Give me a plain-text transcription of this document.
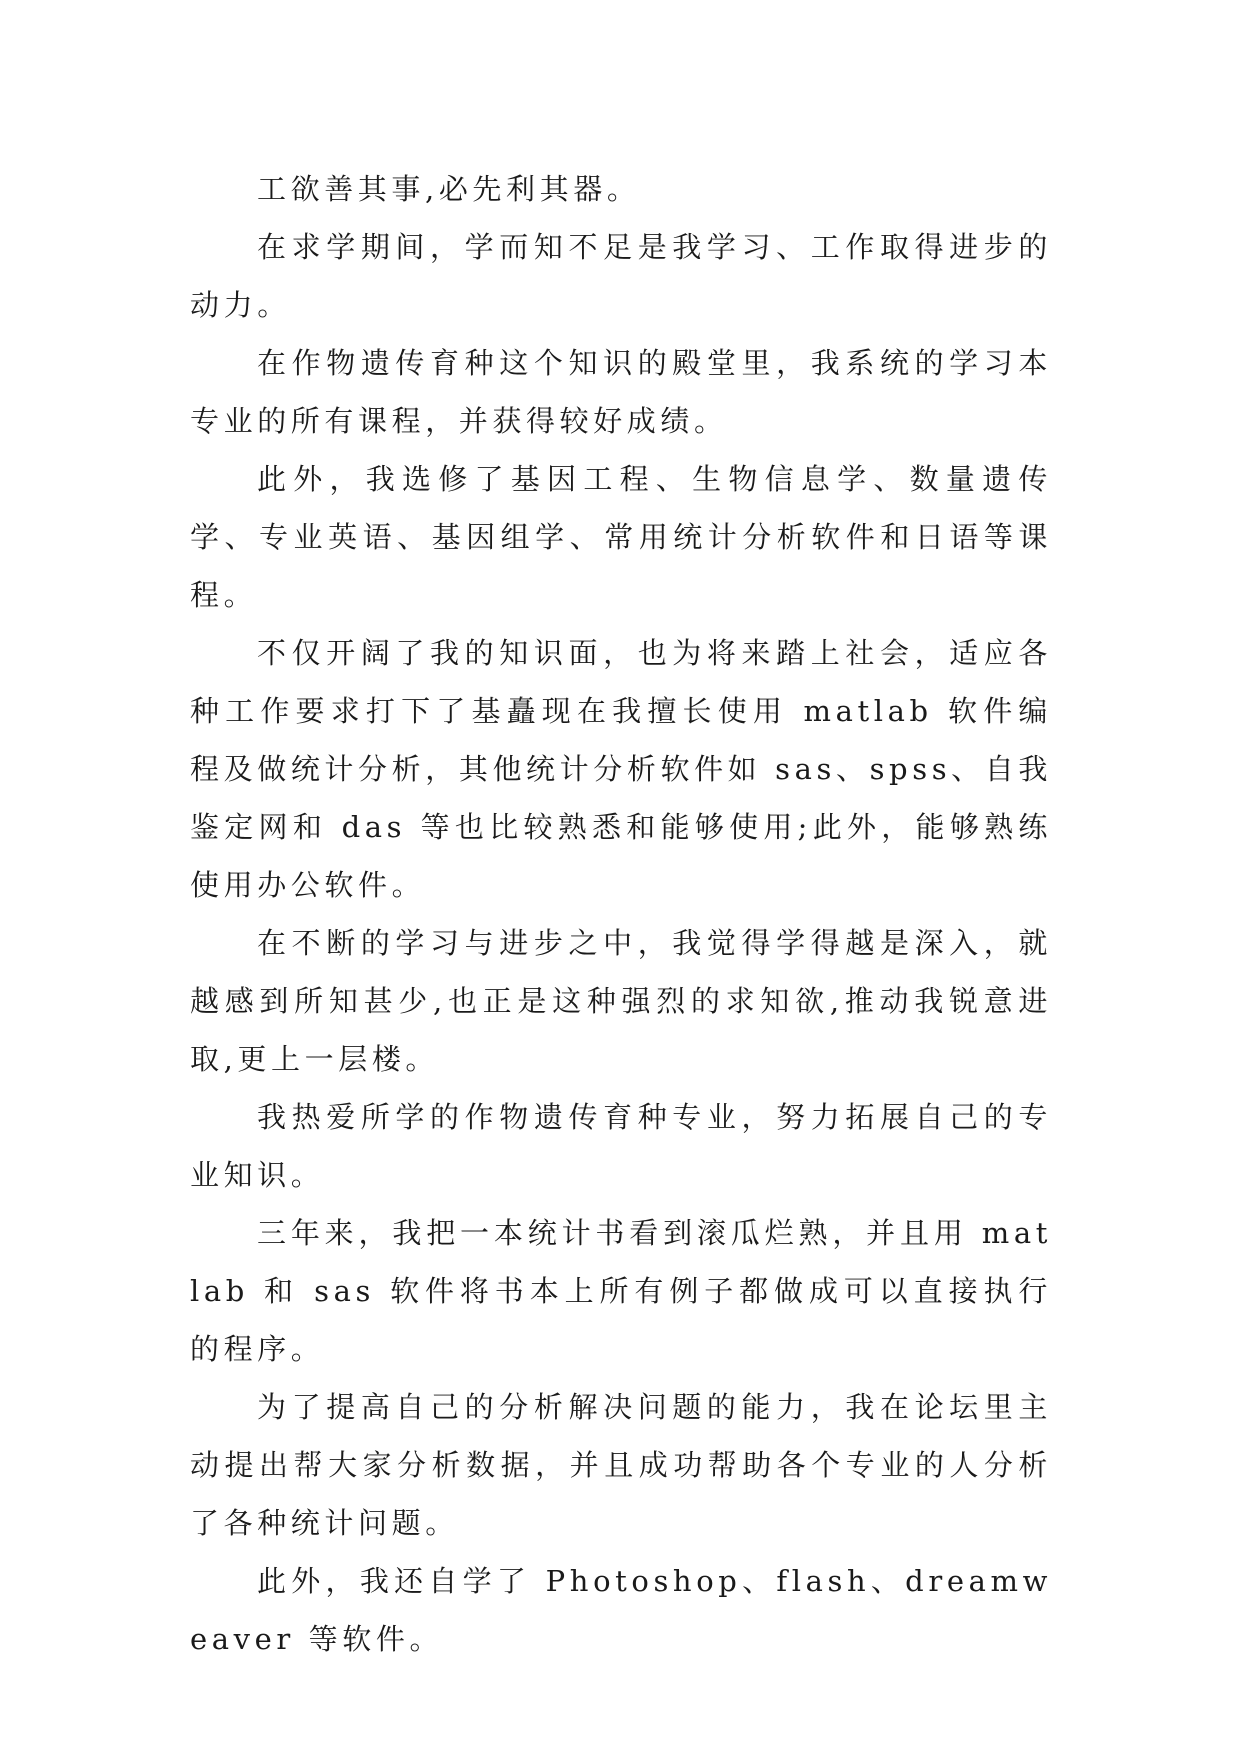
工欲善其事,必先利其器。

在求学期间，学而知不足是我学习、工作取得进步的动力。

在作物遗传育种这个知识的殿堂里，我系统的学习本专业的所有课程，并获得较好成绩。

此外，我选修了基因工程、生物信息学、数量遗传学、专业英语、基因组学、常用统计分析软件和日语等课程。

不仅开阔了我的知识面，也为将来踏上社会，适应各种工作要求打下了基矗现在我擅长使用 matlab 软件编程及做统计分析，其他统计分析软件如 sas、spss、自我鉴定网和 das 等也比较熟悉和能够使用;此外，能够熟练使用办公软件。

在不断的学习与进步之中，我觉得学得越是深入，就越感到所知甚少,也正是这种强烈的求知欲,推动我锐意进取,更上一层楼。

我热爱所学的作物遗传育种专业，努力拓展自己的专业知识。

三年来，我把一本统计书看到滚瓜烂熟，并且用 matlab 和 sas 软件将书本上所有例子都做成可以直接执行的程序。

为了提高自己的分析解决问题的能力，我在论坛里主动提出帮大家分析数据，并且成功帮助各个专业的人分析了各种统计问题。

此外，我还自学了 Photoshop、flash、dreamweaver 等软件。
